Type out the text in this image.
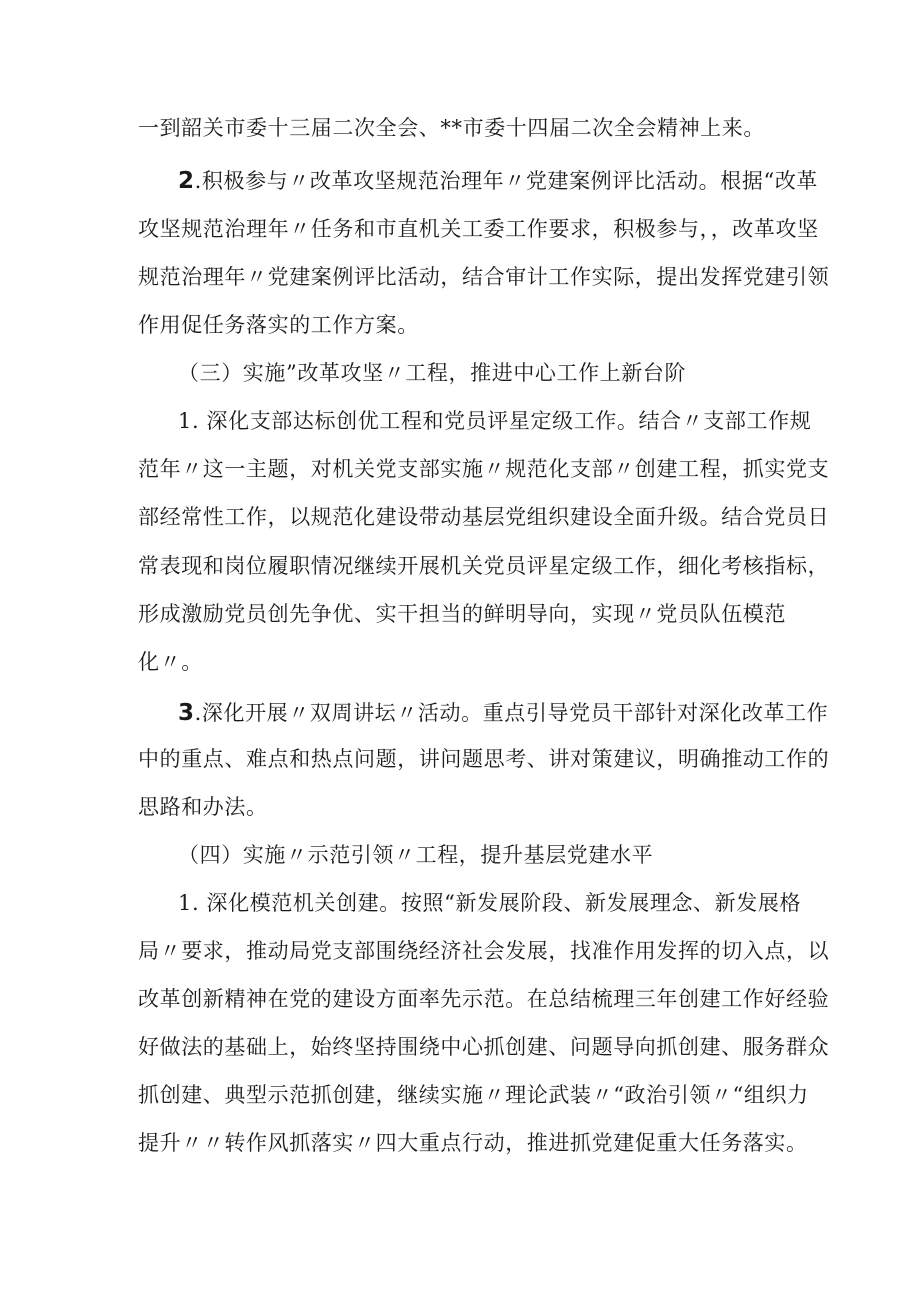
一到韶关市委十三届二次全会、**市委十四届二次全会精神上来。
2.积极参与〃改革攻坚规范治理年〃党建案例评比活动。根据“改革
攻坚规范治理年〃任务和市直机关工委工作要求，积极参与，，改革攻坚
规范治理年〃党建案例评比活动，结合审计工作实际，提出发挥党建引领
作用促任务落实的工作方案。
（三）实施”改革攻坚〃工程，推进中心工作上新台阶
1. 深化支部达标创优工程和党员评星定级工作。结合〃支部工作规
范年〃这一主题，对机关党支部实施〃规范化支部〃创建工程，抓实党支
部经常性工作，以规范化建设带动基层党组织建设全面升级。结合党员日
常表现和岗位履职情况继续开展机关党员评星定级工作，细化考核指标，
形成激励党员创先争优、实干担当的鲜明导向，实现〃党员队伍模范
化〃。
3.深化开展〃双周讲坛〃活动。重点引导党员干部针对深化改革工作
中的重点、难点和热点问题，讲问题思考、讲对策建议，明确推动工作的
思路和办法。
（四）实施〃示范引领〃工程，提升基层党建水平
1. 深化模范机关创建。按照“新发展阶段、新发展理念、新发展格
局〃要求，推动局党支部围绕经济社会发展，找准作用发挥的切入点，以
改革创新精神在党的建设方面率先示范。在总结梳理三年创建工作好经验
好做法的基础上，始终坚持围绕中心抓创建、问题导向抓创建、服务群众
抓创建、典型示范抓创建，继续实施〃理论武装〃“政治引领〃“组织力
提升〃〃转作风抓落实〃四大重点行动，推进抓党建促重大任务落实。
